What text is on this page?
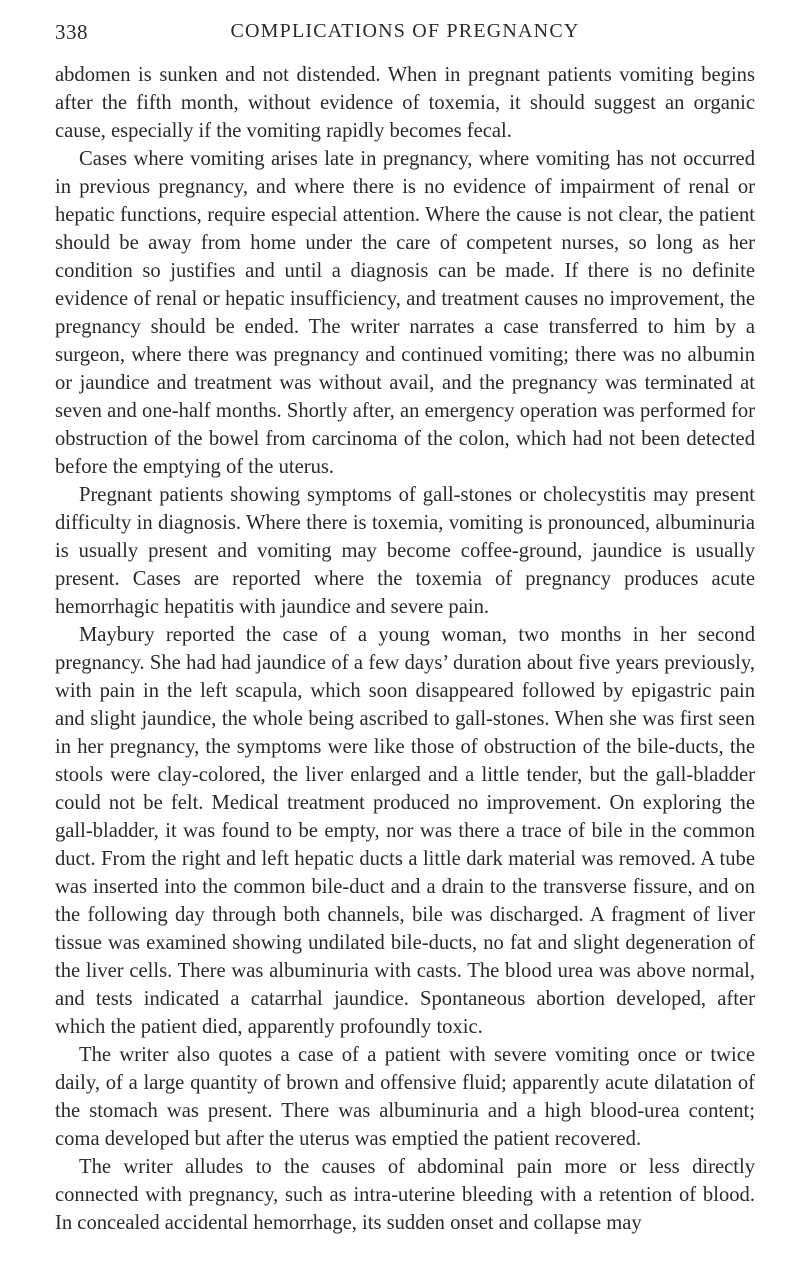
338	COMPLICATIONS OF PREGNANCY

abdomen is sunken and not distended. When in pregnant patients vomiting begins after the fifth month, without evidence of toxemia, it should suggest an organic cause, especially if the vomiting rapidly becomes fecal.

Cases where vomiting arises late in pregnancy, where vomiting has not occurred in previous pregnancy, and where there is no evidence of impairment of renal or hepatic functions, require especial attention. Where the cause is not clear, the patient should be away from home under the care of competent nurses, so long as her condition so justifies and until a diagnosis can be made. If there is no definite evidence of renal or hepatic insufficiency, and treatment causes no improvement, the pregnancy should be ended. The writer narrates a case transferred to him by a surgeon, where there was pregnancy and continued vomiting; there was no albumin or jaundice and treatment was without avail, and the pregnancy was terminated at seven and one-half months. Shortly after, an emergency operation was performed for obstruction of the bowel from carcinoma of the colon, which had not been detected before the emptying of the uterus.

Pregnant patients showing symptoms of gall-stones or cholecystitis may present difficulty in diagnosis. Where there is toxemia, vomiting is pronounced, albuminuria is usually present and vomiting may become coffee-ground, jaundice is usually present. Cases are reported where the toxemia of pregnancy produces acute hemorrhagic hepatitis with jaundice and severe pain.

Maybury reported the case of a young woman, two months in her second pregnancy. She had had jaundice of a few days’ duration about five years previously, with pain in the left scapula, which soon disappeared followed by epigastric pain and slight jaundice, the whole being ascribed to gall-stones. When she was first seen in her pregnancy, the symptoms were like those of obstruction of the bile-ducts, the stools were clay-colored, the liver enlarged and a little tender, but the gall-bladder could not be felt. Medical treatment produced no improvement. On exploring the gall-bladder, it was found to be empty, nor was there a trace of bile in the common duct. From the right and left hepatic ducts a little dark material was removed. A tube was inserted into the common bile-duct and a drain to the transverse fissure, and on the following day through both channels, bile was discharged. A fragment of liver tissue was examined showing undilated bile-ducts, no fat and slight degeneration of the liver cells. There was albuminuria with casts. The blood urea was above normal, and tests indicated a catarrhal jaundice. Spontaneous abortion developed, after which the patient died, apparently profoundly toxic.

The writer also quotes a case of a patient with severe vomiting once or twice daily, of a large quantity of brown and offensive fluid; apparently acute dilatation of the stomach was present. There was albuminuria and a high blood-urea content; coma developed but after the uterus was emptied the patient recovered.

The writer alludes to the causes of abdominal pain more or less directly connected with pregnancy, such as intra-uterine bleeding with a retention of blood. In concealed accidental hemorrhage, its sudden onset and collapse may
